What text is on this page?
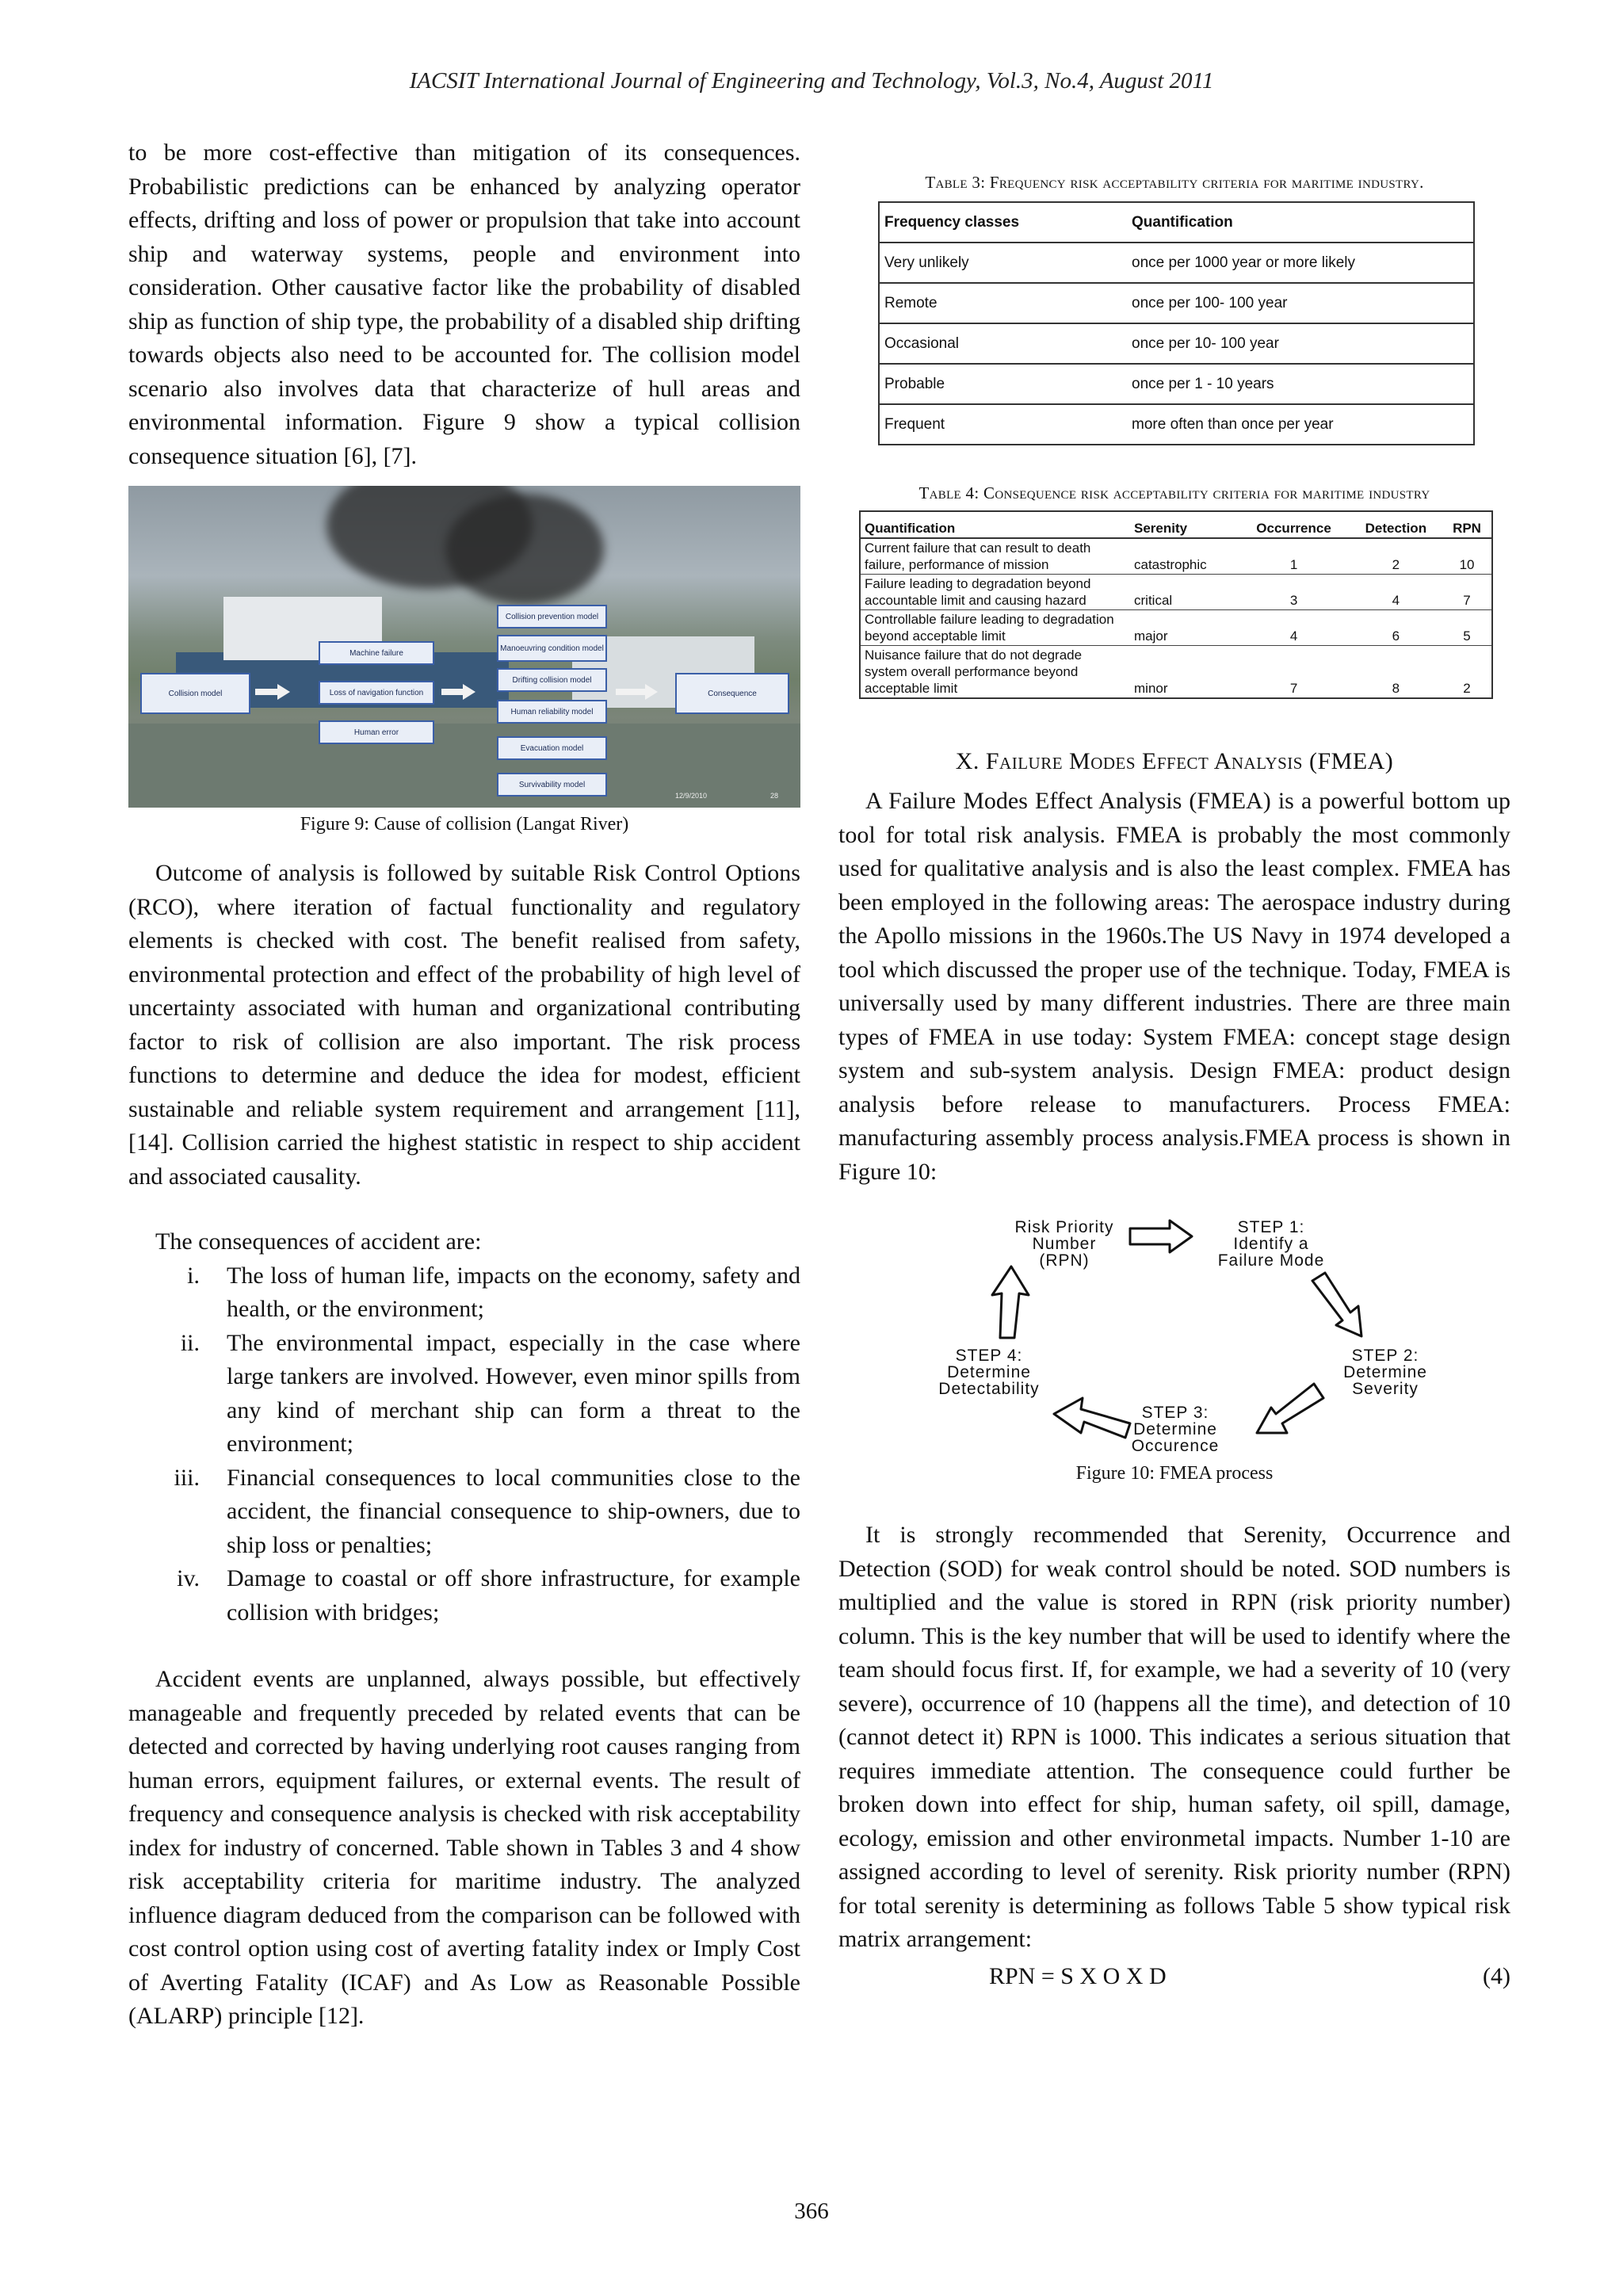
IACSIT International Journal of Engineering and Technology, Vol.3, No.4, August 2011

to be more cost-effective than mitigation of its consequences. Probabilistic predictions can be enhanced by analyzing operator effects, drifting and loss of power or propulsion that take into account ship and waterway systems, people and environment into consideration. Other causative factor like the probability of disabled ship as function of ship type, the probability of a disabled ship drifting towards objects also need to be accounted for. The collision model scenario also involves data that characterize of hull areas and environmental information. Figure 9 show a typical collision consequence situation [6], [7].

Collision model
Machine failure
Loss of navigation function
Human error
Collision prevention model
Manoeuvring condition model
Drifting collision model
Human reliability model
Evacuation model
Survivability model
Consequence
12/9/2010	28
Figure 9: Cause of collision (Langat River)

Outcome of analysis is followed by suitable Risk Control Options (RCO), where iteration of factual functionality and regulatory elements is checked with cost. The benefit realised from safety, environmental protection and effect of the probability of high level of uncertainty associated with human and organizational contributing factor to risk of collision are also important. The risk process functions to determine and deduce the idea for modest, efficient sustainable and reliable system requirement and arrangement [11], [14]. Collision carried the highest statistic in respect to ship accident and associated causality.

The consequences of accident are:

i. The loss of human life, impacts on the economy, safety and health, or the environment;
ii. The environmental impact, especially in the case where large tankers are involved. However, even minor spills from any kind of merchant ship can form a threat to the environment;
iii. Financial consequences to local communities close to the accident, the financial consequence to ship-owners, due to ship loss or penalties;
iv. Damage to coastal or off shore infrastructure, for example collision with bridges;

Accident events are unplanned, always possible, but effectively manageable and frequently preceded by related events that can be detected and corrected by having underlying root causes ranging from human errors, equipment failures, or external events. The result of frequency and consequence analysis is checked with risk acceptability index for industry of concerned. Table shown in Tables 3 and 4 show risk acceptability criteria for maritime industry. The analyzed influence diagram deduced from the comparison can be followed with cost control option using cost of averting fatality index or Imply Cost of Averting Fatality (ICAF) and As Low as Reasonable Possible (ALARP) principle [12].

Table 3: Frequency risk acceptability criteria for maritime industry.
Frequency classes	Quantification
Very unlikely	once per 1000 year or more likely
Remote	once per 100- 100 year
Occasional	once per 10- 100 year
Probable	once per 1 - 10 years
Frequent	more often than once per year
Table 4: Consequence risk acceptability criteria for maritime industry
Quantification	Serenity	Occurrence	Detection	RPN
Current failure that can result to death failure, performance of mission	catastrophic	1	2	10
Failure leading to degradation beyond accountable limit and causing hazard	critical	3	4	7
Controllable failure leading to degradation beyond acceptable limit	major	4	6	5
Nuisance failure that do not degrade system overall performance beyond acceptable limit	minor	7	8	2
X. Failure Modes Effect Analysis (FMEA)

A Failure Modes Effect Analysis (FMEA) is a powerful bottom up tool for total risk analysis. FMEA is probably the most commonly used for qualitative analysis and is also the least complex. FMEA has been employed in the following areas: The aerospace industry during the Apollo missions in the 1960s.The US Navy in 1974 developed a tool which discussed the proper use of the technique. Today, FMEA is universally used by many different industries. There are three main types of FMEA in use today: System FMEA: concept stage design system and sub-system analysis. Design FMEA: product design analysis before release to manufacturers. Process FMEA: manufacturing assembly process analysis.FMEA process is shown in Figure 10:

Risk Priority
Number
(RPN)
STEP 1:
Identify a
Failure Mode
STEP 2:
Determine
Severity
STEP 3:
Determine
Occurence
STEP 4:
Determine
Detectability
Figure 10: FMEA process

It is strongly recommended that Serenity, Occurrence and Detection (SOD) for weak control should be noted. SOD numbers is multiplied and the value is stored in RPN (risk priority number) column. This is the key number that will be used to identify where the team should focus first. If, for example, we had a severity of 10 (very severe), occurrence of 10 (happens all the time), and detection of 10 (cannot detect it) RPN is 1000. This indicates a serious situation that requires immediate attention. The consequence could further be broken down into effect for ship, human safety, oil spill, damage, ecology, emission and other environmetal impacts. Number 1-10 are assigned according to level of serenity. Risk priority number (RPN) for total serenity is determining as follows Table 5 show typical risk matrix arrangement:

RPN = S X O X D	(4)
366
